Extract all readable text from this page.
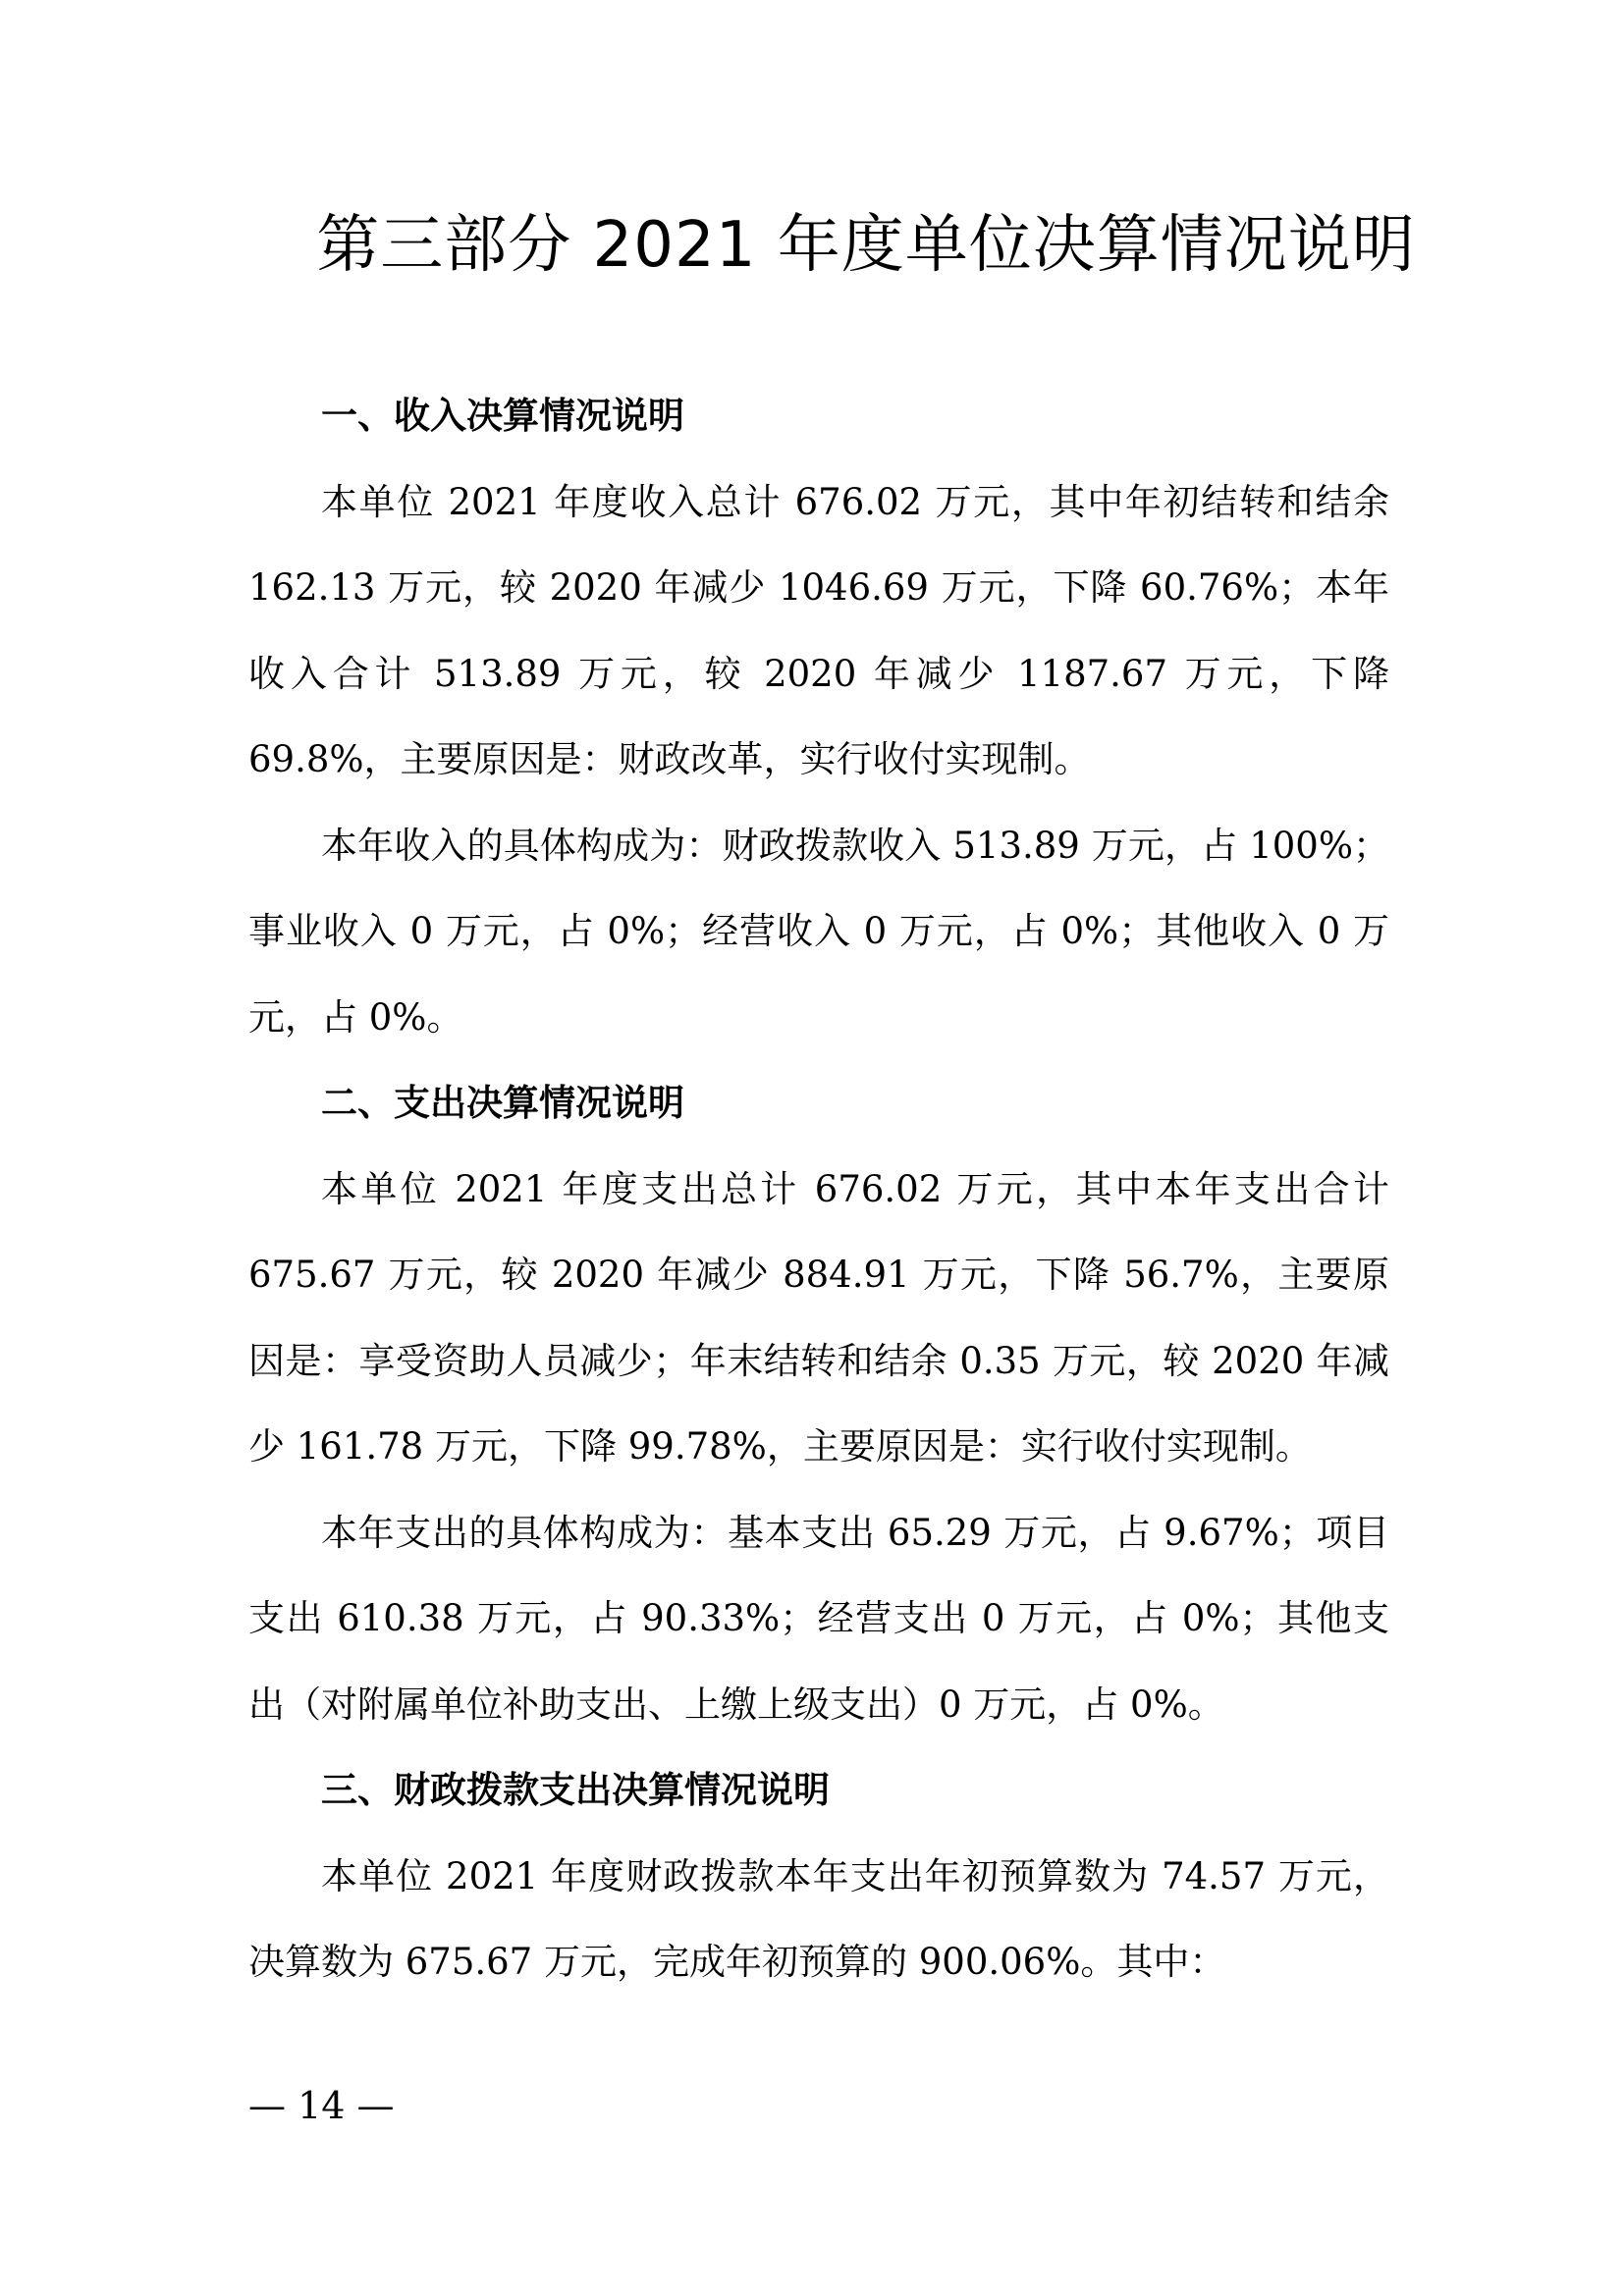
第三部分 2021 年度单位决算情况说明
一、收入决算情况说明

本单位 2021 年度收入总计 676.02 万元，其中年初结转和结余 162.13 万元，较 2020 年减少 1046.69 万元，下降 60.76%；本年收入合计 513.89 万元，较 2020 年减少 1187.67 万元，下降 69.8%，主要原因是：财政改革，实行收付实现制。

本年收入的具体构成为：财政拨款收入 513.89 万元，占 100%；事业收入 0 万元，占 0%；经营收入 0 万元，占 0%；其他收入 0 万元，占 0%。

二、支出决算情况说明

本单位 2021 年度支出总计 676.02 万元，其中本年支出合计 675.67 万元，较 2020 年减少 884.91 万元，下降 56.7%，主要原因是：享受资助人员减少；年末结转和结余 0.35 万元，较 2020 年减少 161.78 万元，下降 99.78%，主要原因是：实行收付实现制。

本年支出的具体构成为：基本支出 65.29 万元，占 9.67%；项目支出 610.38 万元，占 90.33%；经营支出 0 万元，占 0%；其他支出（对附属单位补助支出、上缴上级支出）0 万元，占 0%。

三、财政拨款支出决算情况说明

本单位 2021 年度财政拨款本年支出年初预算数为 74.57 万元，决算数为 675.67 万元，完成年初预算的 900.06%。其中：

— 14 —
